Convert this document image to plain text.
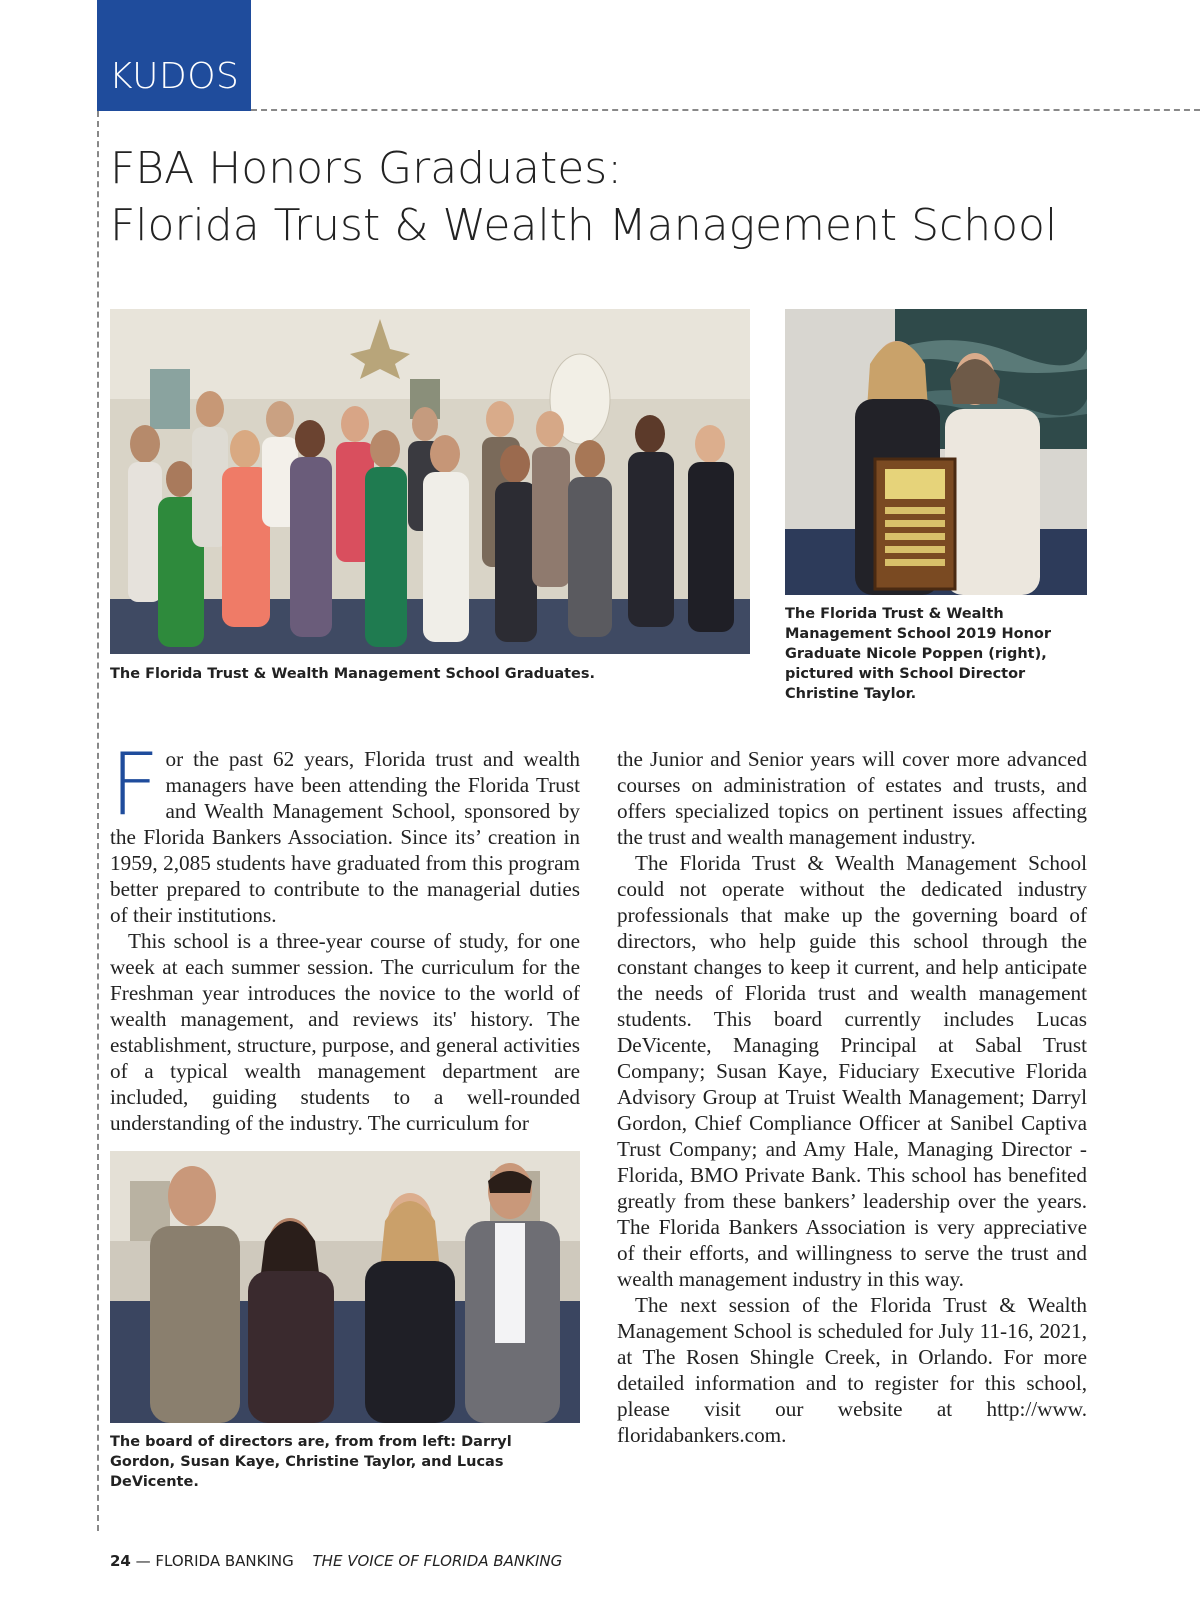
KUDOS
FBA Honors Graduates:
Florida Trust & Wealth Management School
The Florida Trust & Wealth Management School Graduates.
The Florida Trust & Wealth Management School 2019 Honor Graduate Nicole Poppen (right), pictured with School Director Christine Taylor.

For the past 62 years, Florida trust and wealth managers have been attending the Florida Trust and Wealth Management School, sponsored by the Florida Bankers Association. Since its’ creation in 1959, 2,085 students have graduated from this program better prepared to contribute to the managerial duties of their institutions.

This school is a three-year course of study, for one week at each summer session. The curriculum for the Freshman year introduces the novice to the world of wealth management, and reviews its' history. The establishment, structure, purpose, and general activities of a typical wealth management department are included, guiding students to a well-rounded understanding of the industry. The curriculum for

The board of directors are, from from left: Darryl Gordon, Susan Kaye, Christine Taylor, and Lucas DeVicente.

the Junior and Senior years will cover more advanced courses on administration of estates and trusts, and offers specialized topics on pertinent issues affecting the trust and wealth management industry.

The Florida Trust & Wealth Management School could not operate without the dedicated industry professionals that make up the governing board of directors, who help guide this school through the constant changes to keep it current, and help anticipate the needs of Florida trust and wealth management students. This board currently includes Lucas DeVicente, Managing Principal at Sabal Trust Company; Susan Kaye, Fiduciary Executive Florida Advisory Group at Truist Wealth Management; Darryl Gordon, Chief Compliance Officer at Sanibel Captiva Trust Company; and Amy Hale, Managing Director - Florida, BMO Private Bank. This school has benefited greatly from these bankers’ leadership over the years. The Florida Bankers Association is very appreciative of their efforts, and willingness to serve the trust and wealth management industry in this way.

The next session of the Florida Trust & Wealth Management School is scheduled for July 11-16, 2021, at The Rosen Shingle Creek, in Orlando. For more detailed information and to register for this school, please visit our website at http://www. floridabankers.com.

24 — FLORIDA BANKING THE VOICE OF FLORIDA BANKING
